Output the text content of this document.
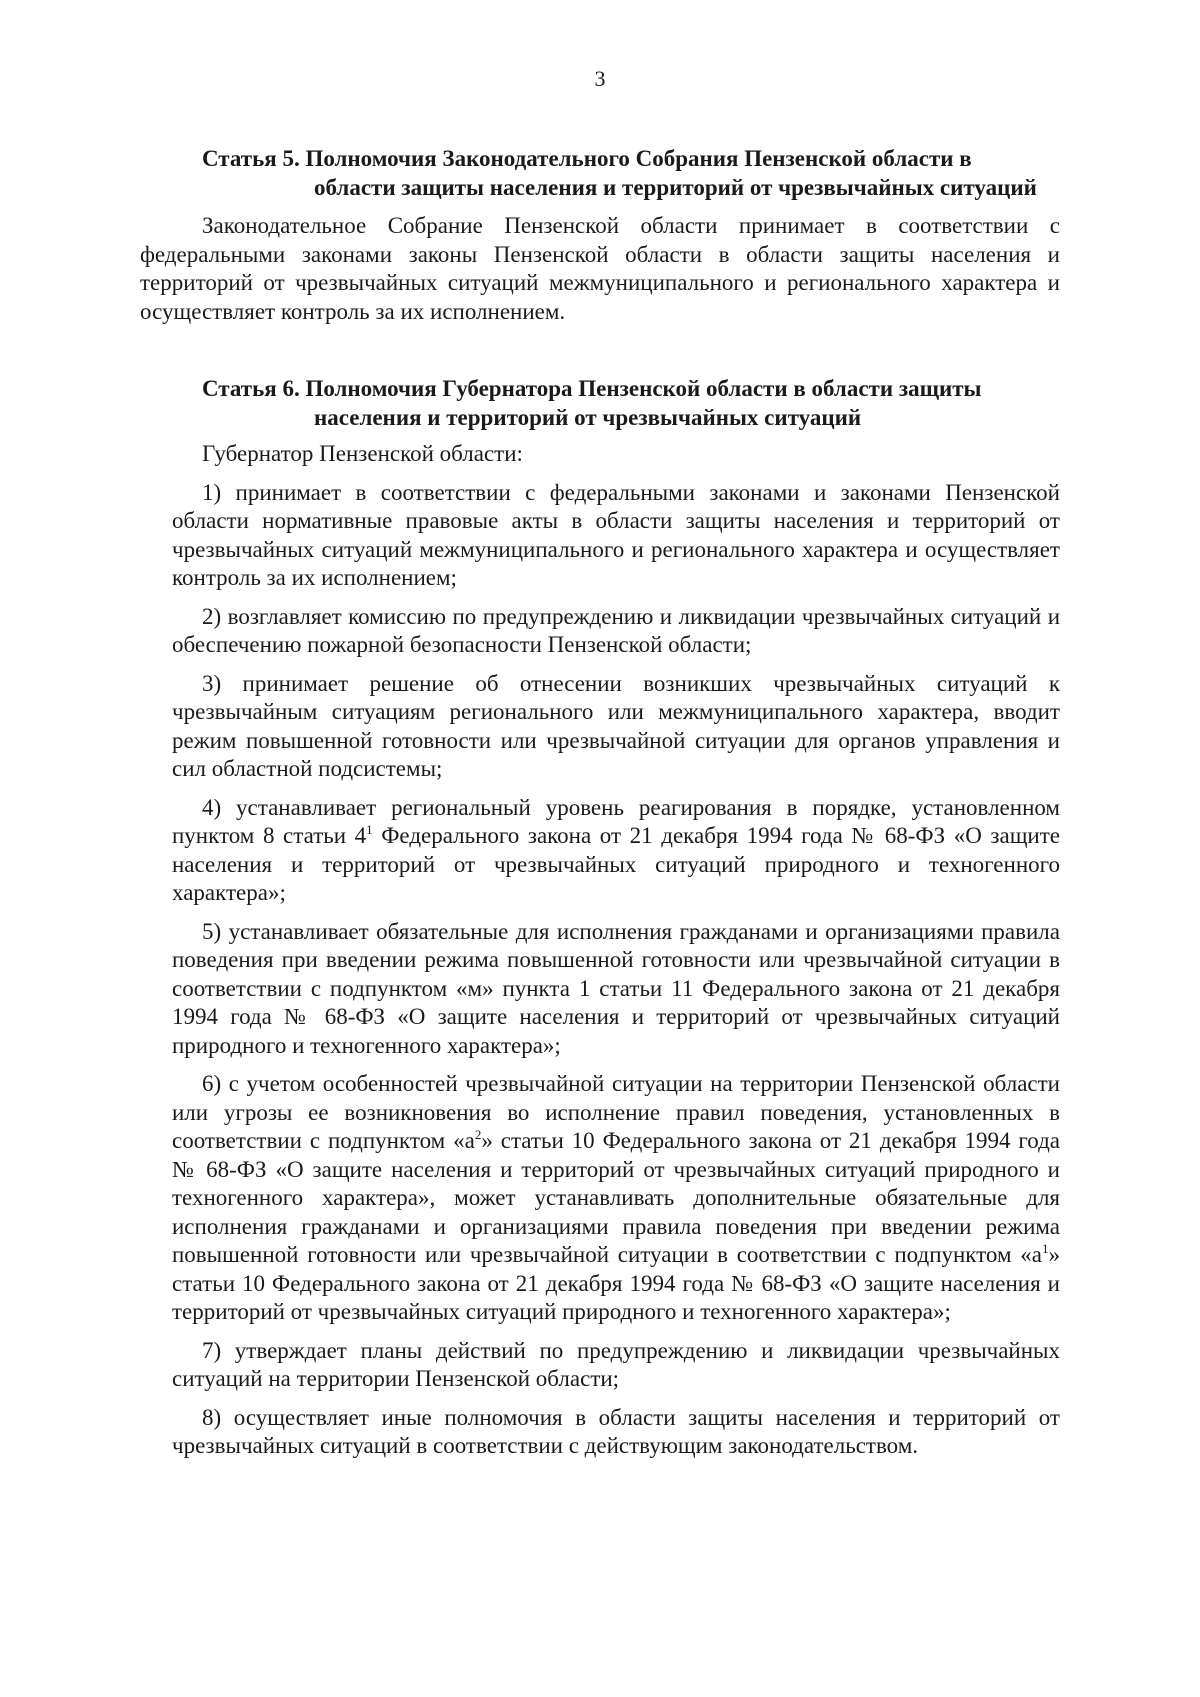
3

Статья 5. Полномочия Законодательного Собрания Пензенской области в области защиты населения и территорий от чрезвычайных ситуаций

Законодательное Собрание Пензенской области принимает в соответствии с федеральными законами законы Пензенской области в области защиты населения и территорий от чрезвычайных ситуаций межмуниципального и регионального характера и осуществляет контроль за их исполнением.

Статья 6. Полномочия Губернатора Пензенской области в области защиты населения и территорий от чрезвычайных ситуаций

Губернатор Пензенской области:

1) принимает в соответствии с федеральными законами и законами Пензенской области нормативные правовые акты в области защиты населения и территорий от чрезвычайных ситуаций межмуниципального и регионального характера и осуществляет контроль за их исполнением;

2) возглавляет комиссию по предупреждению и ликвидации чрезвычайных ситуаций и обеспечению пожарной безопасности Пензенской области;

3) принимает решение об отнесении возникших чрезвычайных ситуаций к чрезвычайным ситуациям регионального или межмуниципального характера, вводит режим повышенной готовности или чрезвычайной ситуации для органов управления и сил областной подсистемы;

4) устанавливает региональный уровень реагирования в порядке, установленном пунктом 8 статьи $4^1$ Федерального закона от 21 декабря 1994 года № 68-ФЗ «О защите населения и территорий от чрезвычайных ситуаций природного и техногенного характера»;

5) устанавливает обязательные для исполнения гражданами и организациями правила поведения при введении режима повышенной готовности или чрезвычайной ситуации в соответствии с подпунктом «м» пункта 1 статьи 11 Федерального закона от 21 декабря 1994 года № 68-ФЗ «О защите населения и территорий от чрезвычайных ситуаций природного и техногенного характера»;

6) с учетом особенностей чрезвычайной ситуации на территории Пензенской области или угрозы ее возникновения во исполнение правил поведения, установленных в соответствии с подпунктом «$а^2$» статьи 10 Федерального закона от 21 декабря 1994 года № 68-ФЗ «О защите населения и территорий от чрезвычайных ситуаций природного и техногенного характера», может устанавливать дополнительные обязательные для исполнения гражданами и организациями правила поведения при введении режима повышенной готовности или чрезвычайной ситуации в соответствии с подпунктом «$а^1$» статьи 10 Федерального закона от 21 декабря 1994 года № 68-ФЗ «О защите населения и территорий от чрезвычайных ситуаций природного и техногенного характера»;

7) утверждает планы действий по предупреждению и ликвидации чрезвычайных ситуаций на территории Пензенской области;

8) осуществляет иные полномочия в области защиты населения и территорий от чрезвычайных ситуаций в соответствии с действующим законодательством.
